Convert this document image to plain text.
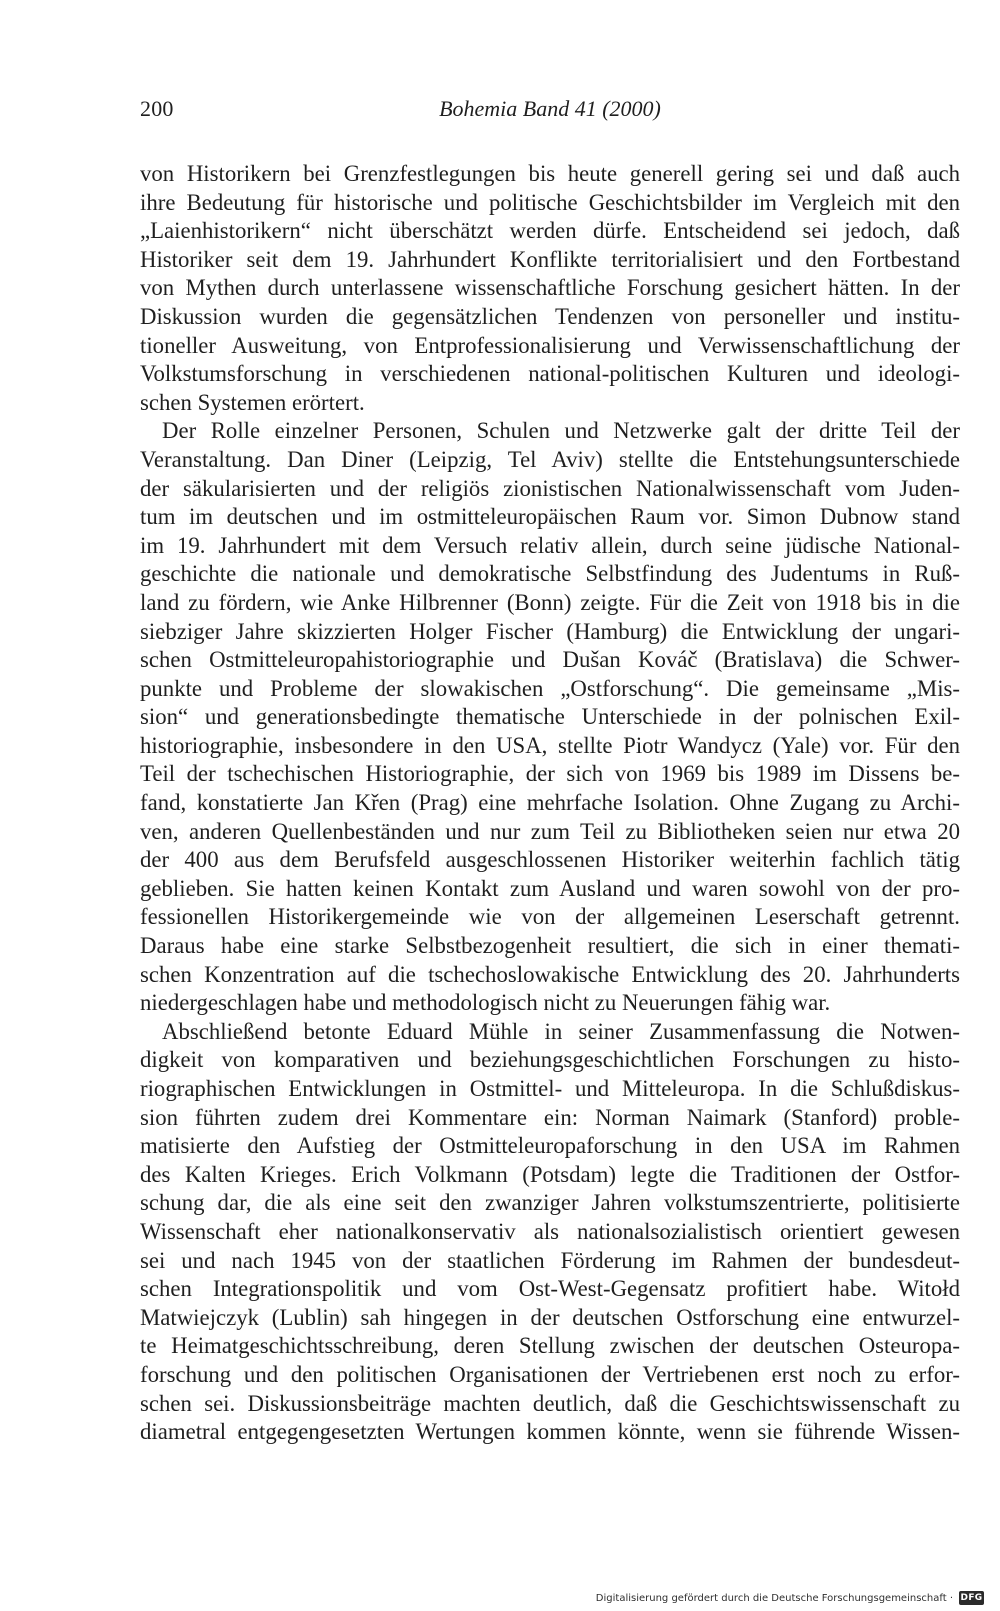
200	Bohemia Band 41 (2000)
von Historikern bei Grenzfestlegungen bis heute generell gering sei und daß auch
ihre Bedeutung für historische und politische Geschichtsbilder im Vergleich mit den
„Laienhistorikern“ nicht überschätzt werden dürfe. Entscheidend sei jedoch, daß
Historiker seit dem 19. Jahrhundert Konflikte territorialisiert und den Fortbestand
von Mythen durch unterlassene wissenschaftliche Forschung gesichert hätten. In der
Diskussion wurden die gegensätzlichen Tendenzen von personeller und institu-
tioneller Ausweitung, von Entprofessionalisierung und Verwissenschaftlichung der
Volkstumsforschung in verschiedenen national-politischen Kulturen und ideologi-
schen Systemen erörtert.
Der Rolle einzelner Personen, Schulen und Netzwerke galt der dritte Teil der
Veranstaltung. Dan Diner (Leipzig, Tel Aviv) stellte die Entstehungsunterschiede
der säkularisierten und der religiös zionistischen Nationalwissenschaft vom Juden-
tum im deutschen und im ostmitteleuropäischen Raum vor. Simon Dubnow stand
im 19. Jahrhundert mit dem Versuch relativ allein, durch seine jüdische National-
geschichte die nationale und demokratische Selbstfindung des Judentums in Ruß-
land zu fördern, wie Anke Hilbrenner (Bonn) zeigte. Für die Zeit von 1918 bis in die
siebziger Jahre skizzierten Holger Fischer (Hamburg) die Entwicklung der ungari-
schen Ostmitteleuropahistoriographie und Dušan Kováč (Bratislava) die Schwer-
punkte und Probleme der slowakischen „Ostforschung“. Die gemeinsame „Mis-
sion“ und generationsbedingte thematische Unterschiede in der polnischen Exil-
historiographie, insbesondere in den USA, stellte Piotr Wandycz (Yale) vor. Für den
Teil der tschechischen Historiographie, der sich von 1969 bis 1989 im Dissens be-
fand, konstatierte Jan Křen (Prag) eine mehrfache Isolation. Ohne Zugang zu Archi-
ven, anderen Quellenbeständen und nur zum Teil zu Bibliotheken seien nur etwa 20
der 400 aus dem Berufsfeld ausgeschlossenen Historiker weiterhin fachlich tätig
geblieben. Sie hatten keinen Kontakt zum Ausland und waren sowohl von der pro-
fessionellen Historikergemeinde wie von der allgemeinen Leserschaft getrennt.
Daraus habe eine starke Selbstbezogenheit resultiert, die sich in einer themati-
schen Konzentration auf die tschechoslowakische Entwicklung des 20. Jahrhunderts
niedergeschlagen habe und methodologisch nicht zu Neuerungen fähig war.
Abschließend betonte Eduard Mühle in seiner Zusammenfassung die Notwen-
digkeit von komparativen und beziehungsgeschichtlichen Forschungen zu histo-
riographischen Entwicklungen in Ostmittel- und Mitteleuropa. In die Schlußdiskus-
sion führten zudem drei Kommentare ein: Norman Naimark (Stanford) proble-
matisierte den Aufstieg der Ostmitteleuropaforschung in den USA im Rahmen
des Kalten Krieges. Erich Volkmann (Potsdam) legte die Traditionen der Ostfor-
schung dar, die als eine seit den zwanziger Jahren volkstumszentrierte, politisierte
Wissenschaft eher nationalkonservativ als nationalsozialistisch orientiert gewesen
sei und nach 1945 von der staatlichen Förderung im Rahmen der bundesdeut-
schen Integrationspolitik und vom Ost-West-Gegensatz profitiert habe. Witołd
Matwiejczyk (Lublin) sah hingegen in der deutschen Ostforschung eine entwurzel-
te Heimatgeschichtsschreibung, deren Stellung zwischen der deutschen Osteuropa-
forschung und den politischen Organisationen der Vertriebenen erst noch zu erfor-
schen sei. Diskussionsbeiträge machten deutlich, daß die Geschichtswissenschaft zu
diametral entgegengesetzten Wertungen kommen könnte, wenn sie führende Wissen-
Digitalisierung gefördert durch die Deutsche Forschungsgemeinschaft · DFG
